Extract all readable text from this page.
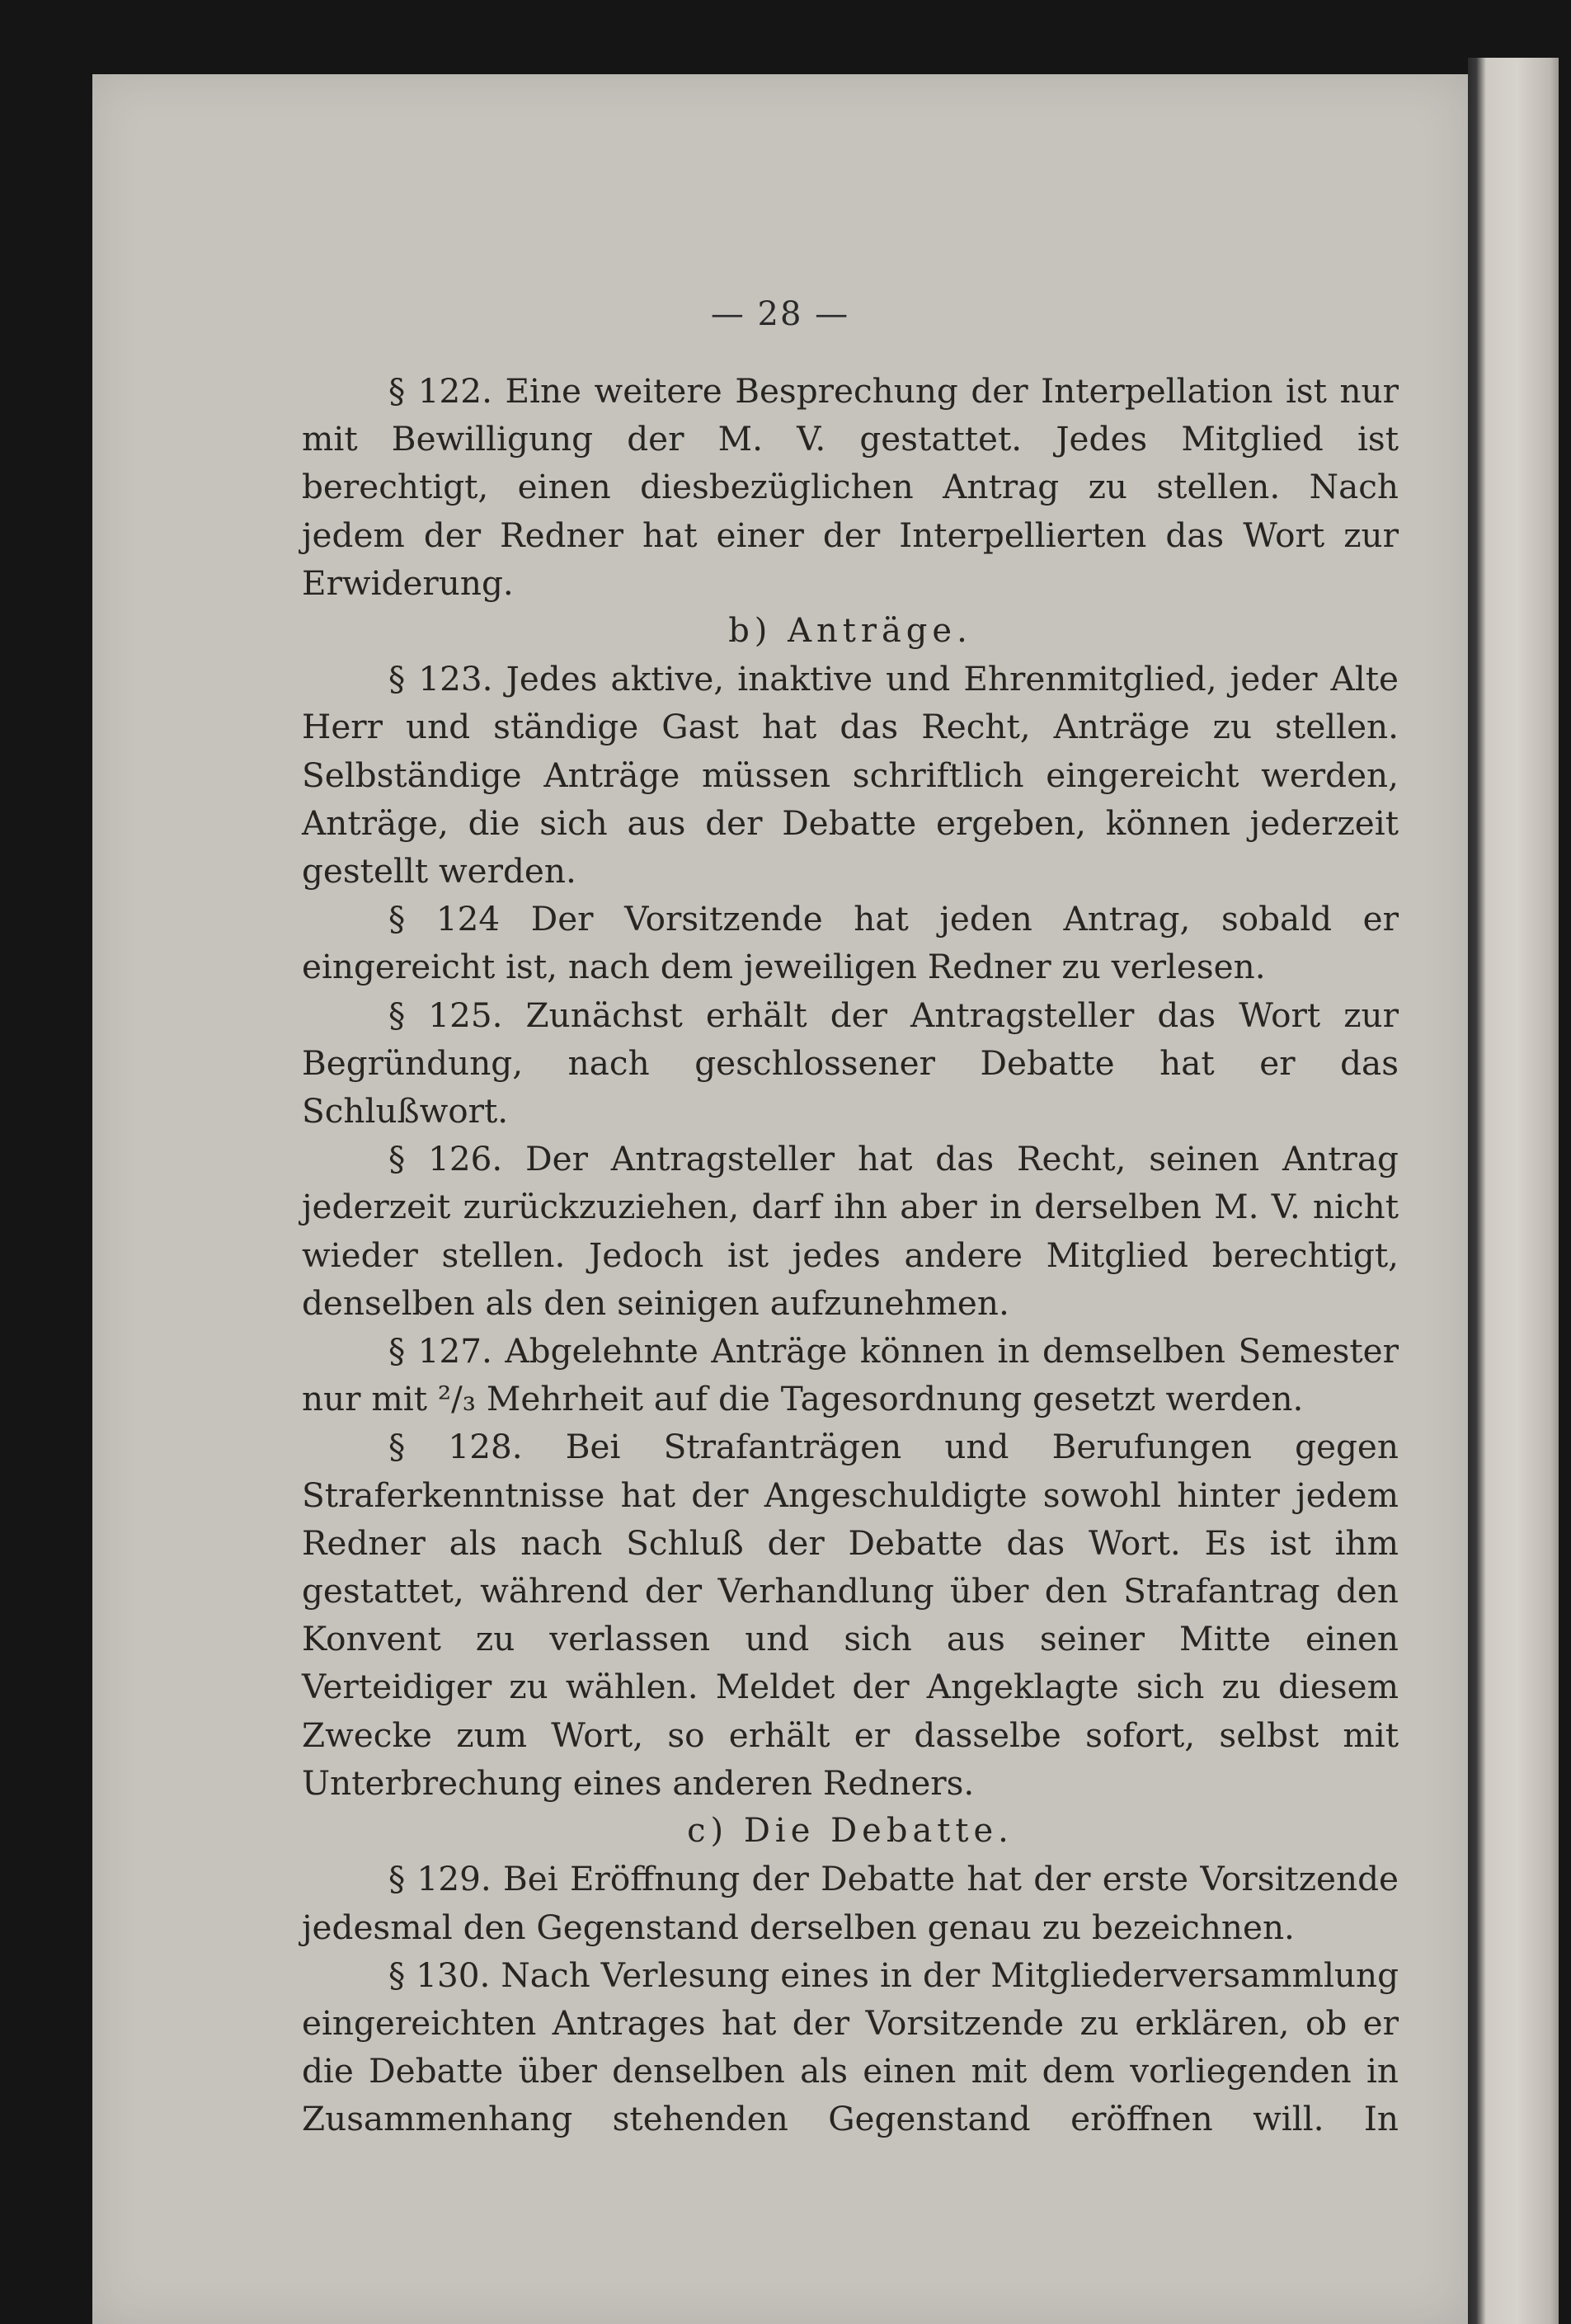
— 28 —

§ 122. Eine weitere Besprechung der Interpellation ist nur mit Bewilligung der M. V. gestattet. Jedes Mitglied ist berechtigt, einen diesbezüglichen Antrag zu stellen. Nach jedem der Redner hat einer der Interpellierten das Wort zur Erwiderung.

b) Anträge.

§ 123. Jedes aktive, inaktive und Ehrenmitglied, jeder Alte Herr und ständige Gast hat das Recht, Anträge zu stellen. Selbständige Anträge müssen schriftlich eingereicht werden, Anträge, die sich aus der Debatte ergeben, können jederzeit gestellt werden.

§ 124 Der Vorsitzende hat jeden Antrag, sobald er eingereicht ist, nach dem jeweiligen Redner zu verlesen.

§ 125. Zunächst erhält der Antragsteller das Wort zur Begründung, nach geschlossener Debatte hat er das Schlußwort.

§ 126. Der Antragsteller hat das Recht, seinen Antrag jederzeit zurückzuziehen, darf ihn aber in derselben M. V. nicht wieder stellen. Jedoch ist jedes andere Mitglied berechtigt, denselben als den seinigen aufzunehmen.

§ 127. Abgelehnte Anträge können in demselben Semester nur mit ²/₃ Mehrheit auf die Tagesordnung gesetzt werden.

§ 128. Bei Strafanträgen und Berufungen gegen Straferkenntnisse hat der Angeschuldigte sowohl hinter jedem Redner als nach Schluß der Debatte das Wort. Es ist ihm gestattet, während der Verhandlung über den Strafantrag den Konvent zu verlassen und sich aus seiner Mitte einen Verteidiger zu wählen. Meldet der Angeklagte sich zu diesem Zwecke zum Wort, so erhält er dasselbe sofort, selbst mit Unterbrechung eines anderen Redners.

c) Die Debatte.

§ 129. Bei Eröffnung der Debatte hat der erste Vorsitzende jedesmal den Gegenstand derselben genau zu bezeichnen.

§ 130. Nach Verlesung eines in der Mitgliederversammlung eingereichten Antrages hat der Vorsitzende zu erklären, ob er die Debatte über denselben als einen mit dem vorliegenden in Zusammenhang stehenden Gegenstand eröffnen will. In
